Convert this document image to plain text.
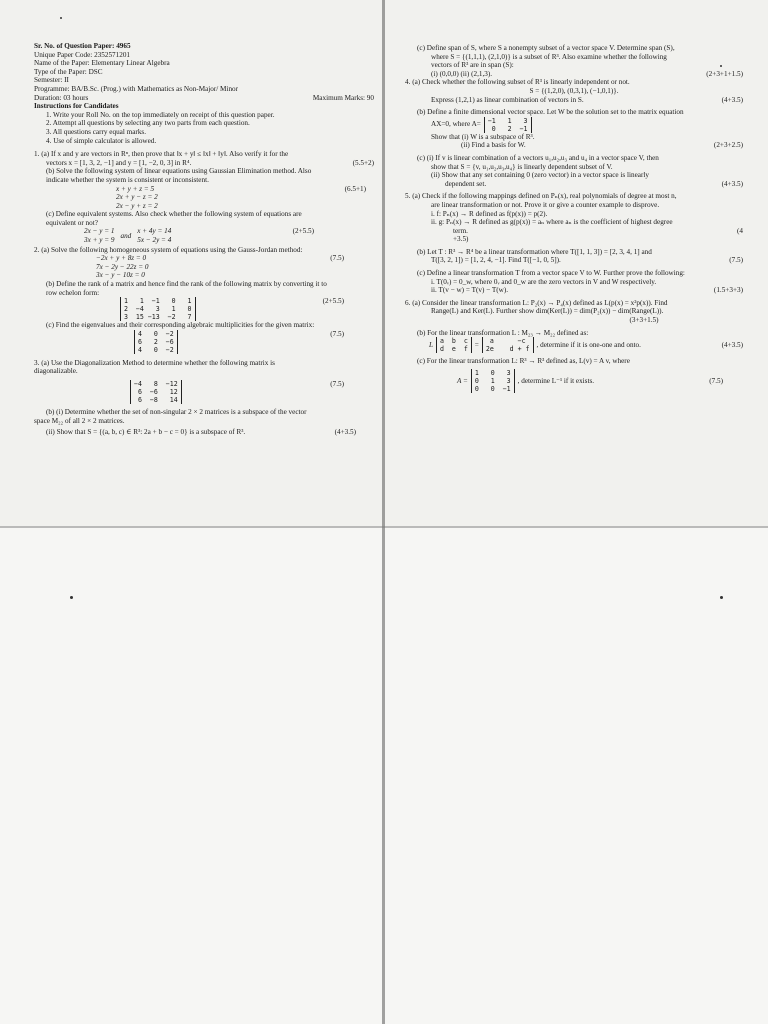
Sr. No. of Question Paper: 4965
Unique Paper Code: 2352571201
Name of the Paper: Elementary Linear Algebra
Type of the Paper: DSC
Semester: II
Programme: BA/B.Sc. (Prog.) with Mathematics as Non-Major/ Minor
Duration: 03 hours	Maximum Marks: 90
Instructions for Candidates
1. Write your Roll No. on the top immediately on receipt of this question paper.
2. Attempt all questions by selecting any two parts from each question.
3. All questions carry equal marks.
4. Use of simple calculator is allowed.
1. (a) If x and y are vectors in Rⁿ, then prove that ‖x + y‖ ≤ ‖x‖ + ‖y‖. Also verify it for the
vectors x = [1, 3, 2, −1] and y = [1, −2, 0, 3] in R⁴.	(5.5+2)
(b) Solve the following system of linear equations using Gaussian Elimination method. Also
indicate whether the system is consistent or inconsistent.
x + y + z = 5
2x + y − z = 2
2x − y + z = 2
(6.5+1)
(c) Define equivalent systems. Also check whether the following system of equations are
equivalent or not?
2x − y = 1
3x + y = 9
and
x + 4y = 14
5x − 2y = 4
(2+5.5)
2. (a) Solve the following homogeneous system of equations using the Gauss-Jordan method:
−2x + y + 8z = 0
7x − 2y − 22z = 0
3x − y − 10z = 0
(7.5)
(b) Define the rank of a matrix and hence find the rank of the following matrix by converting it to
row echelon form:
1   1  −1   0   1
2  −4   3   1   0
3  15 −13  −2   7
(2+5.5)
(c) Find the eigenvalues and their corresponding algebraic multiplicities for the given matrix:
4   0  −2
6   2  −6
4   0  −2
(7.5)
3. (a) Use the Diagonalization Method to determine whether the following matrix is
diagonalizable.
−4   8  −12
6  −6   12
6  −8   14
(7.5)
(b) (i) Determine whether the set of non-singular 2 × 2 matrices is a subspace of the vector
space M₂₂ of all 2 × 2 matrices.
(ii) Show that S = {(a, b, c) ∈ R³: 2a + b − c = 0} is a subspace of R³.	(4+3.5)
(c) Define span of S, where S a nonempty subset of a vector space V. Determine span (S),
where S = {(1,1,1), (2,1,0)} is a subset of R³. Also examine whether the following
vectors of R³ are in span (S):
(i) (0,0,0) (ii) (2,1,3).	(2+3+1+1.5)
4. (a) Check whether the following subset of R³ is linearly independent or not.
S = {(1,2,0), (0,3,1), (−1,0,1)}.
Express (1,2,1) as linear combination of vectors in S.	(4+3.5)
(b) Define a finite dimensional vector space. Let W be the solution set to the matrix equation
AX=0, where A= −1   1   3
0   2  −1
Show that (i) W is a subspace of R³.
(ii) Find a basis for W.	(2+3+2.5)
(c) (i) If v is linear combination of a vectors u₁,u₂,u₃ and u₄ in a vector space V, then
show that S = {v, u₁,u₂,u₃,u₄} is linearly dependent subset of V.
(ii) Show that any set containing 0 (zero vector) in a vector space is linearly
dependent set.	(4+3.5)
5. (a) Check if the following mappings defined on Pₙ(x), real polynomials of degree at most n,
are linear transformation or not. Prove it or give a counter example to disprove.
i. f: Pₙ(x) → R defined as f(p(x)) = p(2).
ii. g: Pₙ(x) → R defined as g(p(x)) = aₙ where aₙ is the coefficient of highest degree
term.	(4
+3.5)
(b) Let T : R³ → R⁴ be a linear transformation where T([1, 1, 3]) = [2, 3, 4, 1] and
T([3, 2, 1]) = [1, 2, 4, −1]. Find T([−1, 0, 5]).	(7.5)
(c) Define a linear transformation T from a vector space V to W. Further prove the following:
i. T(0ᵥ) = 0_w, where 0ᵥ and 0_w are the zero vectors in V and W respectively.
ii. T(v − w) = T(v) − T(w).	(1.5+3+3)
6. (a) Consider the linear transformation L: P₂(x) → P₄(x) defined as L(p(x) = x²p(x)). Find
Range(L) and Ker(L). Further show dim(Ker(L)) = dim(P₂(x)) − dim(Range(L)).
(3+3+1.5)
(b) For the linear transformation L : M₂₃ → M₂₂ defined as:
L a  b  c
d  e  f
= a      −c
2e    d + f
, determine if it is one-one and onto.	(4+3.5)
(c) For the linear transformation L: R³ → R³ defined as, L(v) = A v, where
A =
1   0   3
0   1   3
0   0  −1
, determine L⁻¹ if it exists.	(7.5)
